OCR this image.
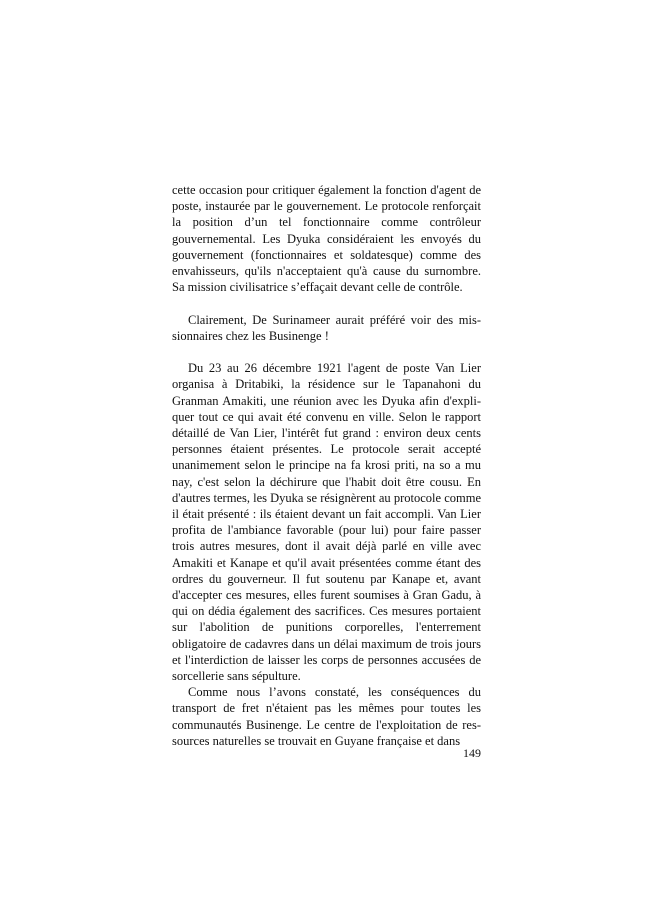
cette occasion pour critiquer également la fonction d'agent de poste, instaurée par le gouvernement. Le protocole renforçait la position d’un tel fonctionnaire comme contrôleur gouvernemental. Les Dyuka considéraient les envoyés du gouvernement (fonctionnaires et soldatesque) comme des envahisseurs, qu'ils n'acceptaient qu'à cause du surnombre. Sa mission civilisatrice s’effaçait devant celle de contrôle.

Clairement, De Surinameer aurait préféré voir des missionnaires chez les Businenge !

Du 23 au 26 décembre 1921 l'agent de poste Van Lier organisa à Dritabiki, la résidence sur le Tapanahoni du Granman Amakiti, une réunion avec les Dyuka afin d'expliquer tout ce qui avait été convenu en ville. Selon le rapport détaillé de Van Lier, l'intérêt fut grand : environ deux cents personnes étaient présentes. Le protocole serait accepté unanimement selon le principe na fa krosi priti, na so a mu nay, c'est selon la déchirure que l'habit doit être cousu. En d'autres termes, les Dyuka se résignèrent au protocole comme il était présenté : ils étaient devant un fait accompli. Van Lier profita de l'ambiance favorable (pour lui) pour faire passer trois autres mesures, dont il avait déjà parlé en ville avec Amakiti et Kanape et qu'il avait présentées comme étant des ordres du gouverneur. Il fut soutenu par Kanape et, avant d'accepter ces mesures, elles furent soumises à Gran Gadu, à qui on dédia également des sacrifices. Ces mesures portaient sur l'abolition de punitions corporelles, l'enterrement obligatoire de cadavres dans un délai maximum de trois jours et l'interdiction de laisser les corps de personnes accusées de sorcellerie sans sépulture.

Comme nous l’avons constaté, les conséquences du transport de fret n'étaient pas les mêmes pour toutes les communautés Businenge. Le centre de l'exploitation de ressources naturelles se trouvait en Guyane française et dans

149
